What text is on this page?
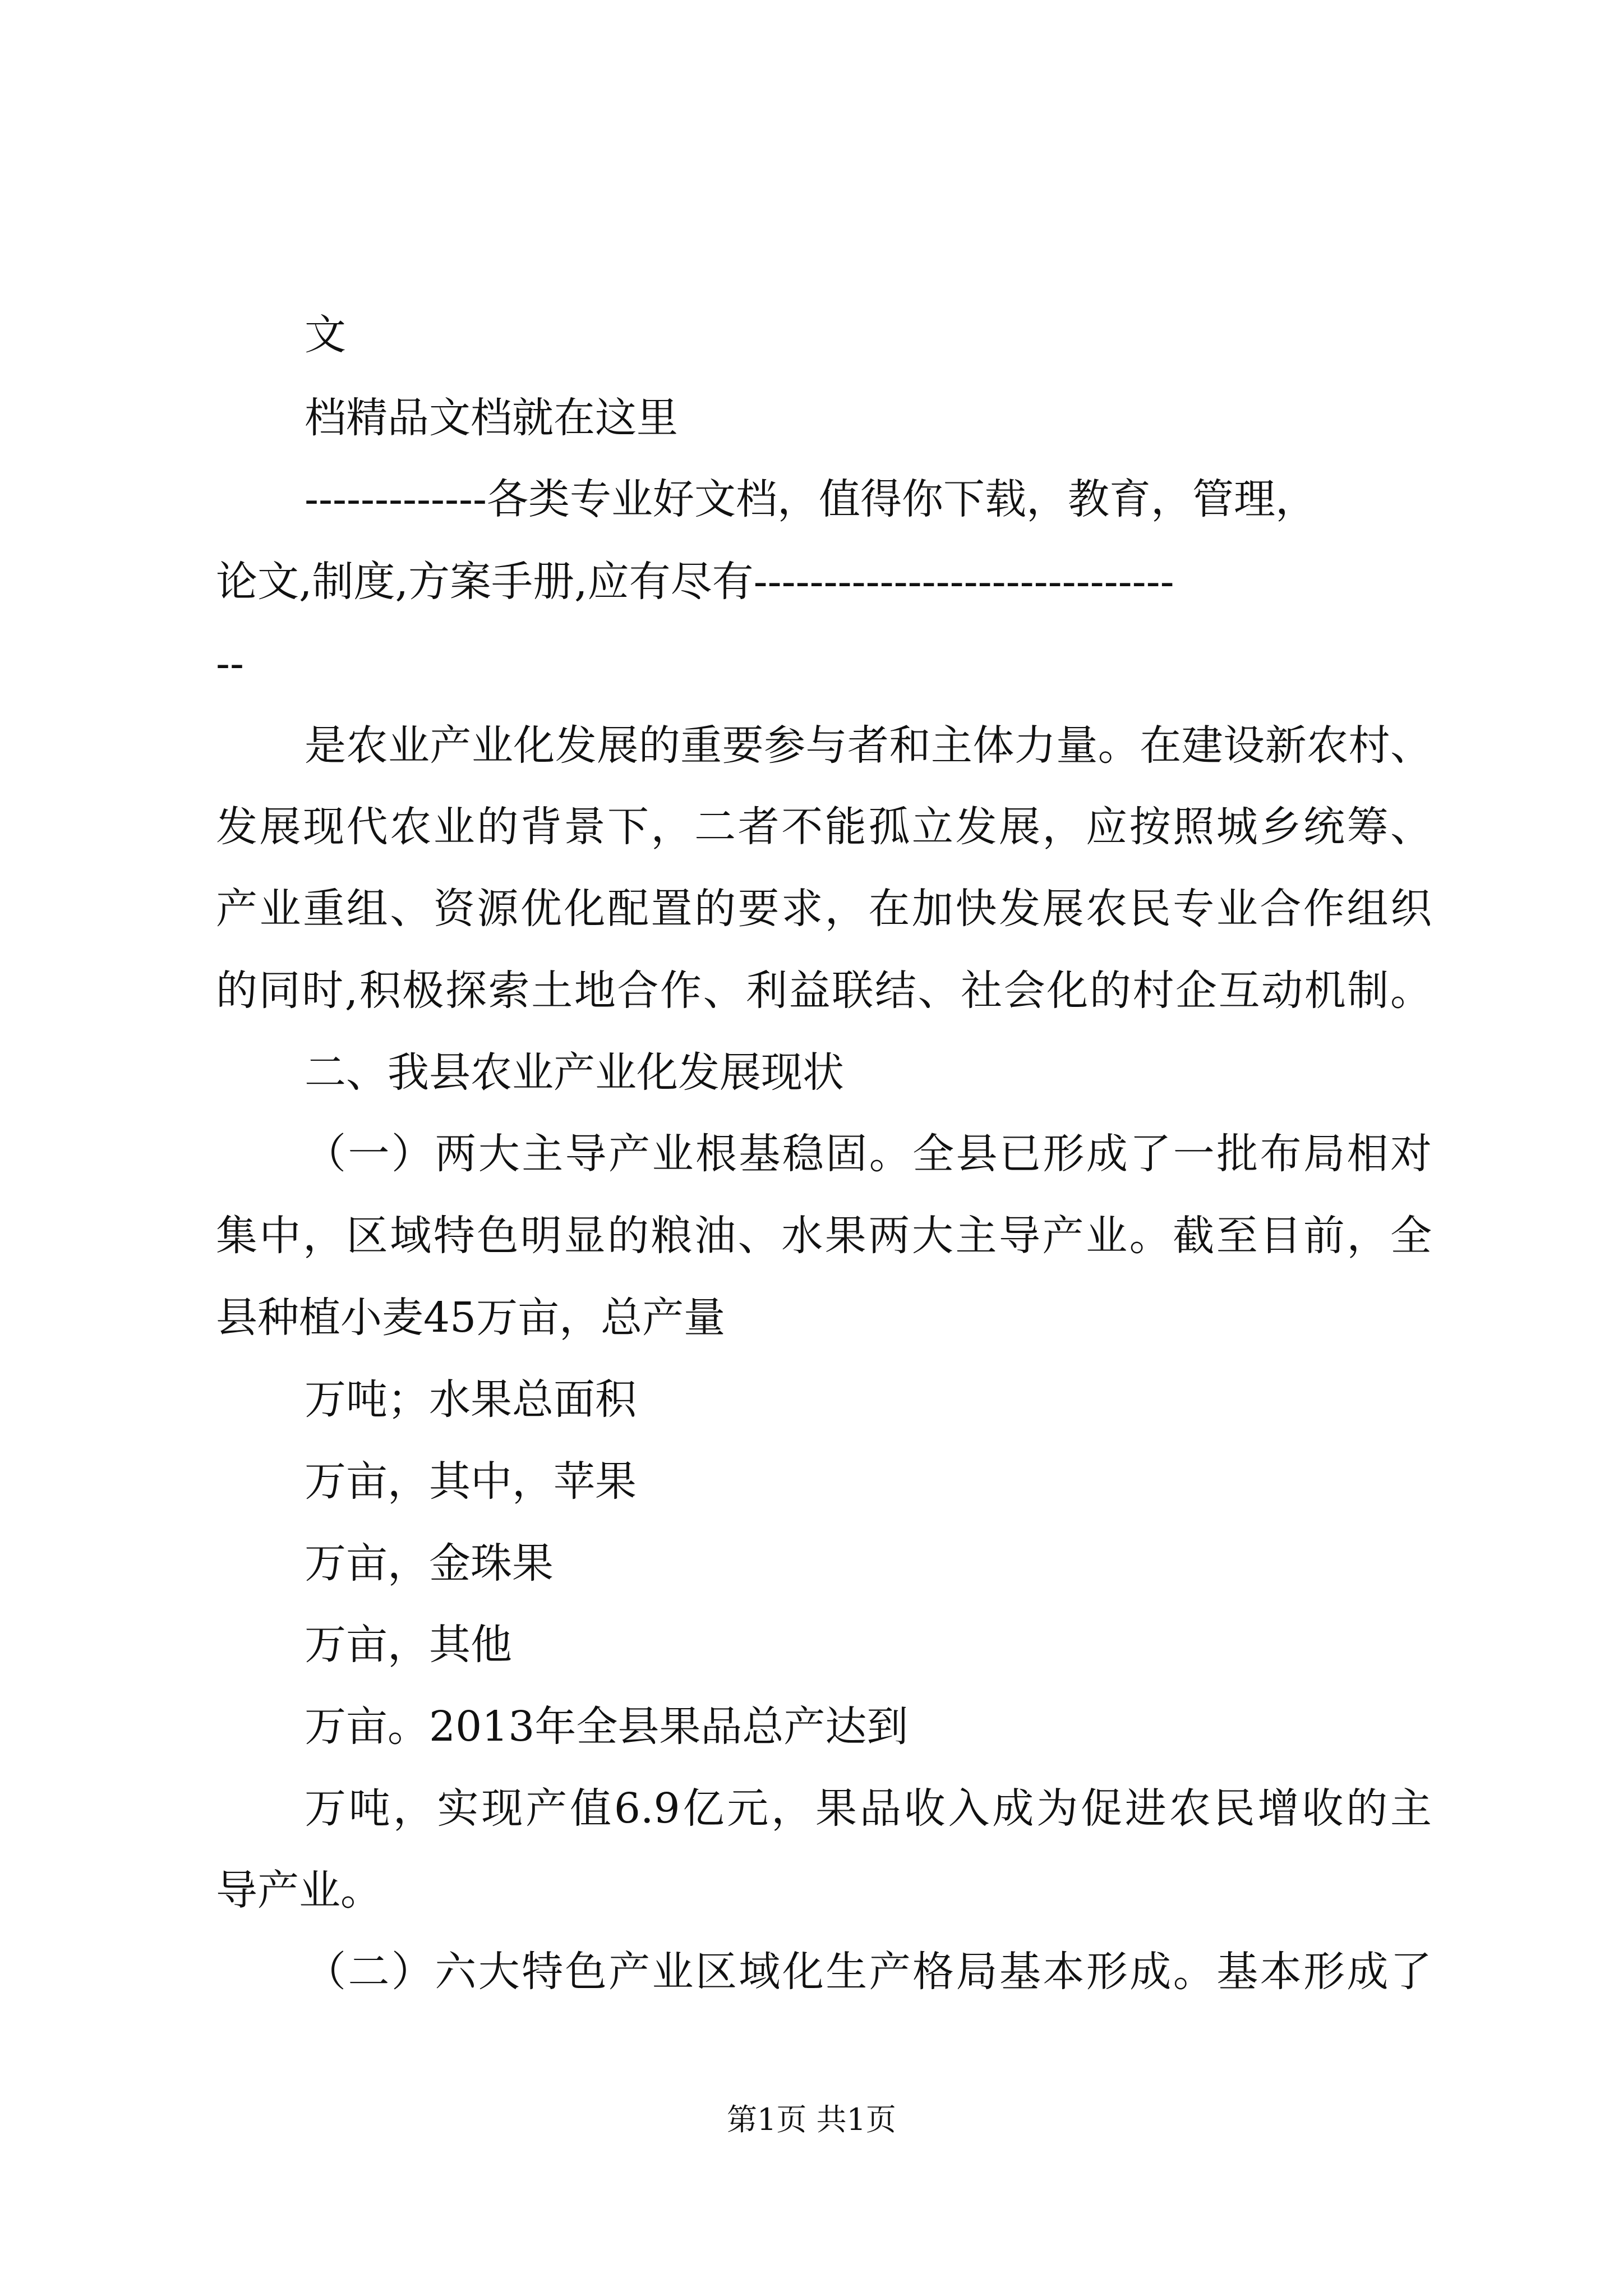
文

档精品文档就在这里

-------------各类专业好文档，值得你下载，教育，管理，

论文,制度,方案手册,应有尽有------------------------------

--

是农业产业化发展的重要参与者和主体力量。在建设新农村、

发展现代农业的背景下，二者不能孤立发展，应按照城乡统筹、

产业重组、资源优化配置的要求，在加快发展农民专业合作组织

的同时,积极探索土地合作、利益联结、社会化的村企互动机制。

二、我县农业产业化发展现状

（一）两大主导产业根基稳固。全县已形成了一批布局相对

集中，区域特色明显的粮油、水果两大主导产业。截至目前，全

县种植小麦45万亩，总产量

万吨；水果总面积

万亩，其中，苹果

万亩，金珠果

万亩，其他

万亩。2013年全县果品总产达到

万吨，实现产值6.9亿元，果品收入成为促进农民增收的主

导产业。

（二）六大特色产业区域化生产格局基本形成。基本形成了

第1页 共1页
